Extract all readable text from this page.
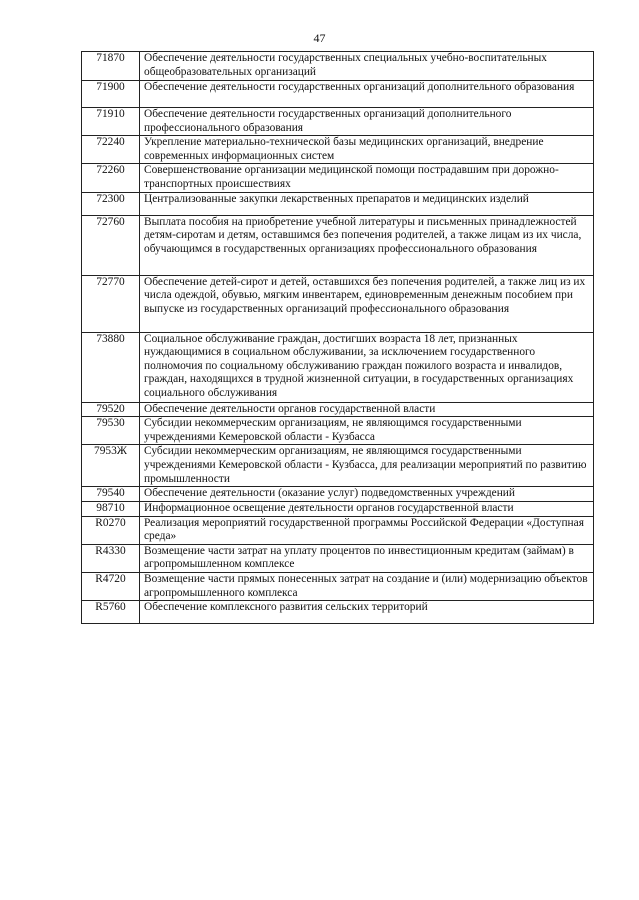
47
71870	Обеспечение деятельности государственных специальных учебно-воспитательных общеобразовательных организаций
71900	Обеспечение деятельности государственных организаций дополнительного образования
71910	Обеспечение деятельности государственных организаций дополнительного профессионального образования
72240	Укрепление материально-технической базы медицинских организаций, внедрение современных информационных систем
72260	Совершенствование организации медицинской помощи пострадавшим при дорожно-транспортных происшествиях
72300	Централизованные закупки лекарственных препаратов и медицинских изделий
72760	Выплата пособия на приобретение учебной литературы и письменных принадлежностей детям-сиротам и детям, оставшимся без попечения родителей, а также лицам из их числа, обучающимся в государственных организациях профессионального образования
72770	Обеспечение детей-сирот и детей, оставшихся без попечения родителей, а также лиц из их числа одеждой, обувью, мягким инвентарем, единовременным денежным пособием при выпуске из государственных организаций профессионального образования
73880	Социальное обслуживание граждан, достигших возраста 18 лет, признанных нуждающимися в социальном обслуживании, за исключением государственного полномочия по социальному обслуживанию граждан пожилого возраста и инвалидов, граждан, находящихся в трудной жизненной ситуации, в государственных организациях социального обслуживания
79520	Обеспечение деятельности органов государственной власти
79530	Субсидии некоммерческим организациям, не являющимся государственными учреждениями Кемеровской области - Кузбасса
7953Ж	Субсидии некоммерческим организациям, не являющимся государственными учреждениями Кемеровской области - Кузбасса, для реализации мероприятий по развитию промышленности
79540	Обеспечение деятельности (оказание услуг) подведомственных учреждений
98710	Информационное освещение деятельности органов государственной власти
R0270	Реализация мероприятий государственной программы Российской Федерации «Доступная среда»
R4330	Возмещение части затрат на уплату процентов по инвестиционным кредитам (займам) в агропромышленном комплексе
R4720	Возмещение части прямых понесенных затрат на создание и (или) модернизацию объектов агропромышленного комплекса
R5760	Обеспечение комплексного развития сельских территорий
